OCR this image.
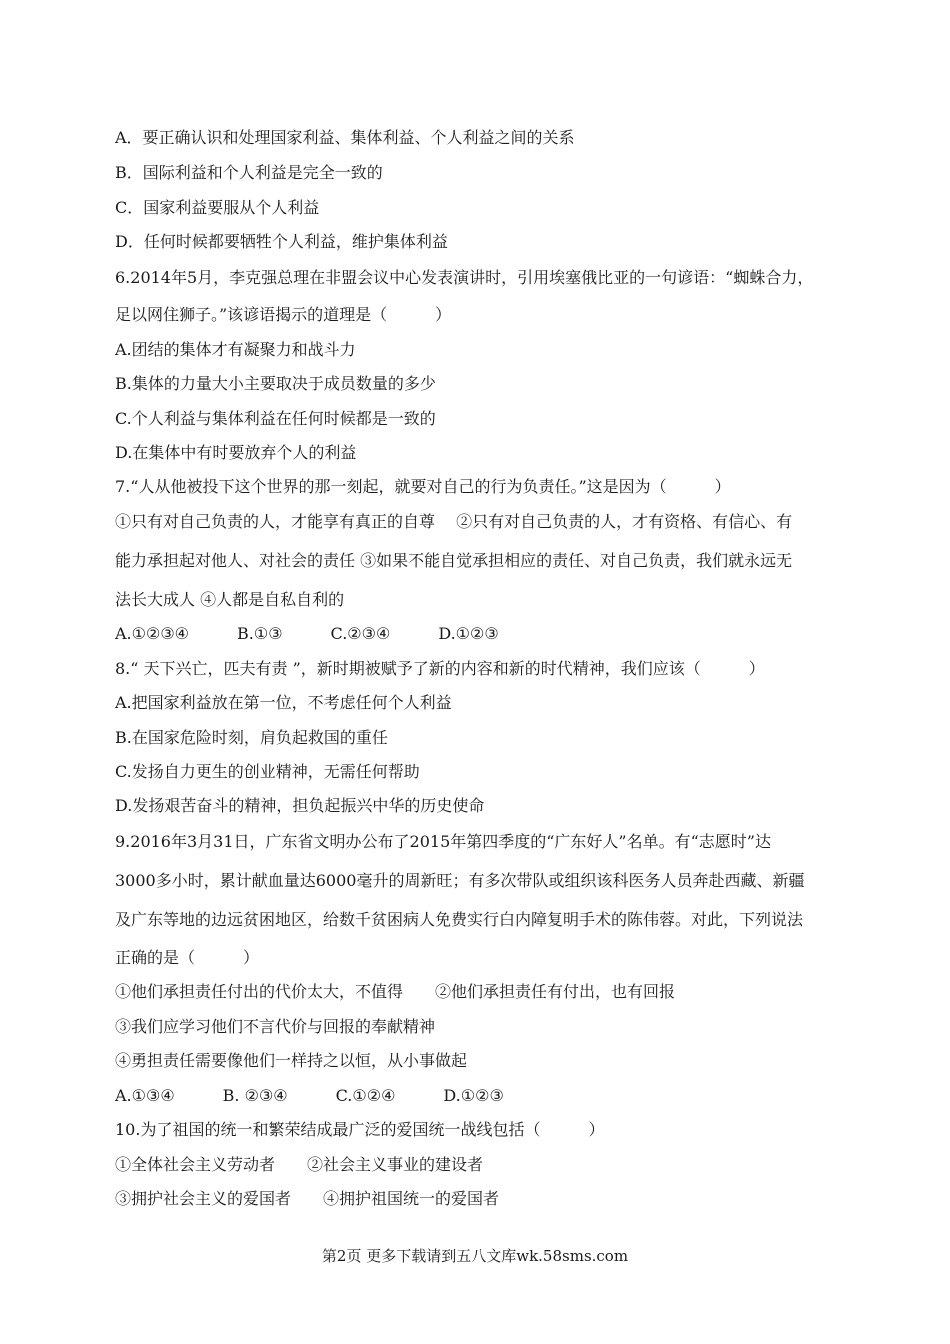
A．要正确认识和处理国家利益、集体利益、个人利益之间的关系
B．国际利益和个人利益是完全一致的
C．国家利益要服从个人利益
D．任何时候都要牺牲个人利益，维护集体利益
6.2014年5月，李克强总理在非盟会议中心发表演讲时，引用埃塞俄比亚的一句谚语：“蜘蛛合力，
足以网住狮子。”该谚语揭示的道理是（　　　）
A.团结的集体才有凝聚力和战斗力
B.集体的力量大小主要取决于成员数量的多少
C.个人利益与集体利益在任何时候都是一致的
D.在集体中有时要放弃个人的利益
7.“人从他被投下这个世界的那一刻起，就要对自己的行为负责任。”这是因为（　　　）
①只有对自己负责的人，才能享有真正的自尊　 ②只有对自己负责的人，才有资格、有信心、有
能力承担起对他人、对社会的责任 ③如果不能自觉承担相应的责任、对自己负责，我们就永远无
法长大成人 ④人都是自私自利的
A.①②③④　　　B.①③　　　C.②③④　　　D.①②③
8.“ 天下兴亡，匹夫有责 ”，新时期被赋予了新的内容和新的时代精神，我们应该（　　　）
A.把国家利益放在第一位，不考虑任何个人利益
B.在国家危险时刻，肩负起救国的重任
C.发扬自力更生的创业精神，无需任何帮助
D.发扬艰苦奋斗的精神，担负起振兴中华的历史使命
9.2016年3月31日，广东省文明办公布了2015年第四季度的“广东好人”名单。有“志愿时”达
3000多小时，累计献血量达6000毫升的周新旺；有多次带队或组织该科医务人员奔赴西藏、新疆
及广东等地的边远贫困地区，给数千贫困病人免费实行白内障复明手术的陈伟蓉。对此，下列说法
正确的是（　　　）
①他们承担责任付出的代价太大，不值得　　②他们承担责任有付出，也有回报
③我们应学习他们不言代价与回报的奉献精神
④勇担责任需要像他们一样持之以恒，从小事做起
A.①③④　　　B. ②③④　　　C.①②④　　　D.①②③
10.为了祖国的统一和繁荣结成最广泛的爱国统一战线包括（　　　）
①全体社会主义劳动者　　②社会主义事业的建设者
③拥护社会主义的爱国者　　④拥护祖国统一的爱国者
第2页 更多下载请到五八文库wk.58sms.com
